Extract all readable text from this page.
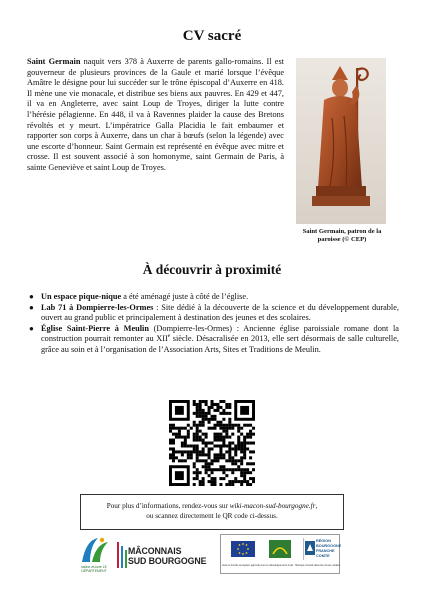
CV sacré

Saint Germain naquit vers 378 à Auxerre de parents gallo-romains. Il est gouverneur de plusieurs provinces de la Gaule et marié lorsque l’évêque Amâtre le désigne pour lui succéder sur le trône épiscopal d’Auxerre en 418. Il mène une vie monacale, et distribue ses biens aux pauvres. En 429 et 447, il va en Angleterre, avec saint Loup de Troyes, diriger la lutte contre l’hérésie pélagienne. En 448, il va à Ravennes plaider la cause des Bretons révoltés et y meurt. L’impératrice Galla Placidia le fait embaumer et rapporter son corps à Auxerre, dans un char à bœufs (selon la légende) avec une escorte d’honneur. Saint Germain est représenté en évêque avec mitre et crosse. Il est souvent associé à son homonyme, saint Germain de Paris, à sainte Geneviève et saint Loup de Troyes.

Saint Germain, patron de la paroisse (© CEP)

À découvrir à proximité
● Un espace pique-nique a été aménagé juste à côté de l’église.
● Lab 71 à Dompierre-les-Ormes : Site dédié à la découverte de la science et du développement durable, ouvert au grand public et principalement à destination des jeunes et des scolaires.
● Église Saint-Pierre à Meulin (Dompierre-les-Ormes) : Ancienne église paroissiale romane dont la construction pourrait remonter au XIIe siècle. Désacralisée en 2013, elle sert désormais de salle culturelle, grâce au soin et à l’organisation de l’Association Arts, Sites et Traditions de Meulin.
Pour plus d’informations, rendez-vous sur wiki-macon-sud-bourgogne.fr,
ou scannez directement le QR code ci-dessus.
saône-et-loire LE DÉPARTEMENT
MÂCONNAIS
SUD BOURGOGNE
RÉGION
BOURGOGNE
FRANCHE
COMTE
Avec le Fonds européen agricole pour le développement rural : l'Europe investit dans les zones rurales
